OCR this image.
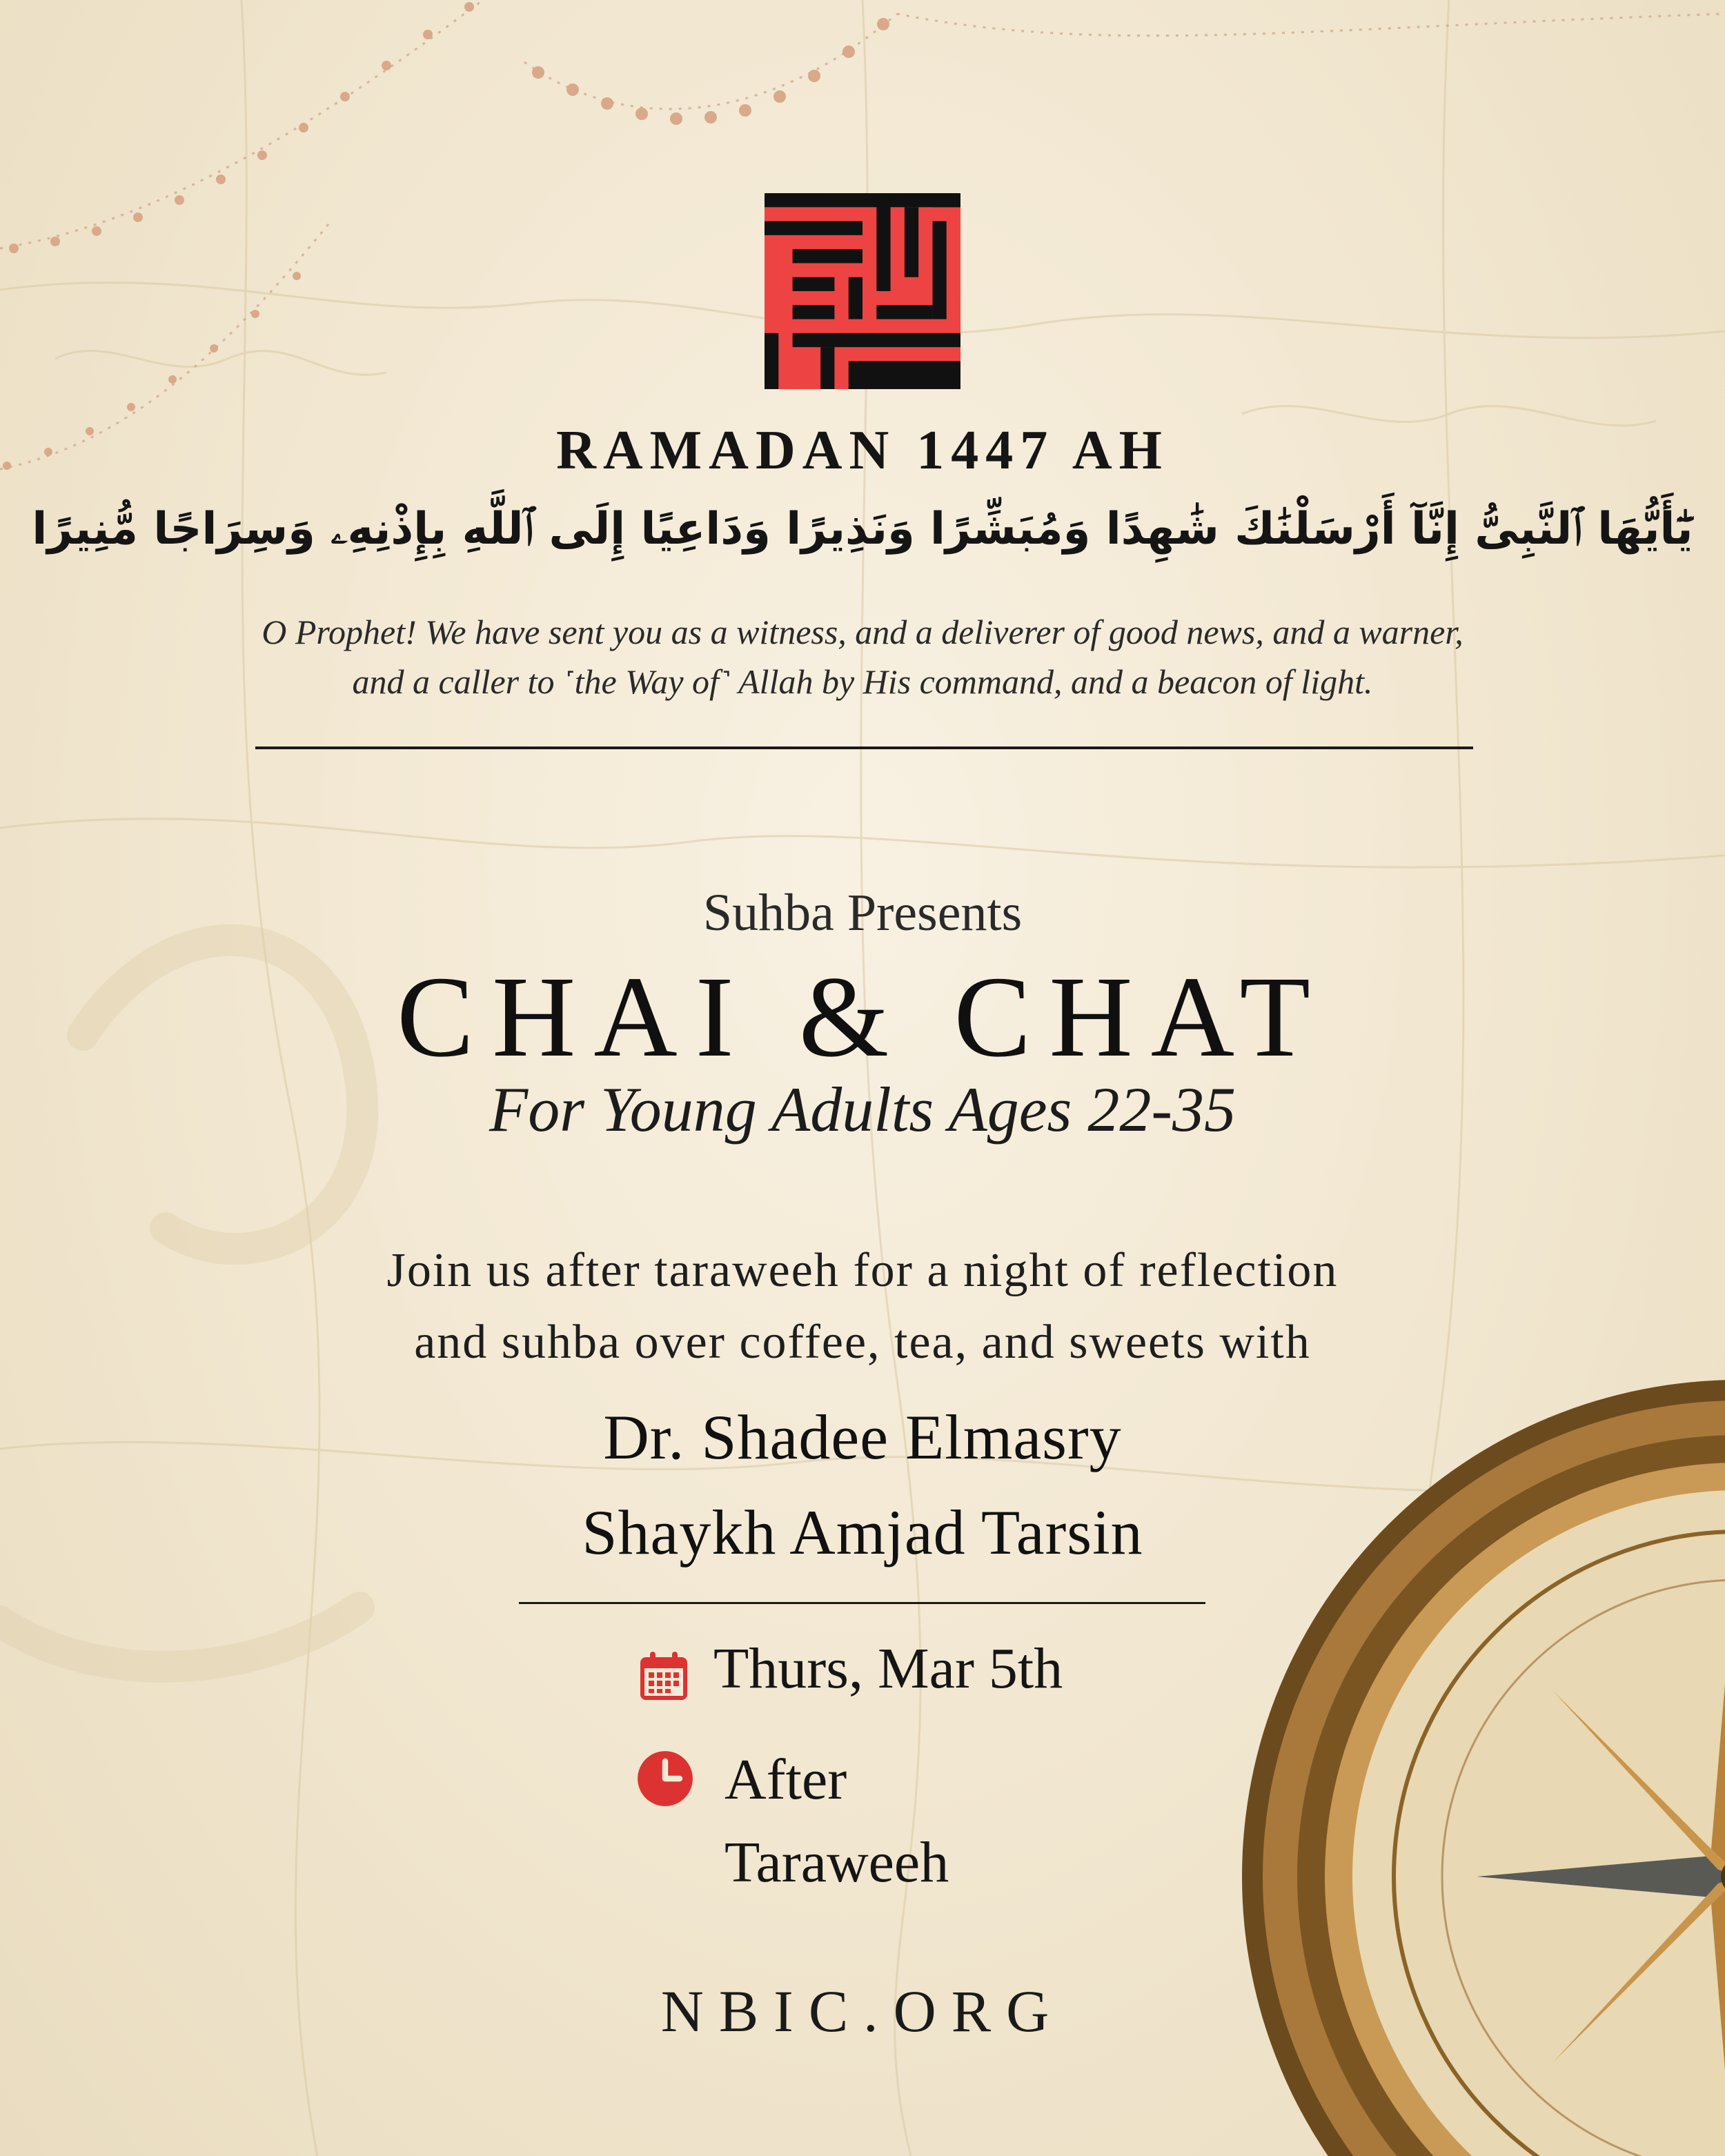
RAMADAN 1447 AH
يَٰٓأَيُّهَا ٱلنَّبِىُّ إِنَّآ أَرْسَلْنَٰكَ شَٰهِدًا وَمُبَشِّرًا وَنَذِيرًا وَدَاعِيًا إِلَى ٱللَّهِ بِإِذْنِهِۦ وَسِرَاجًا مُّنِيرًا
O Prophet! We have sent you as a witness, and a deliverer of good news, and a warner,
and a caller to ˹the Way of˺ Allah by His command, and a beacon of light.
Suhba Presents
CHAI & CHAT
For Young Adults Ages 22-35
Join us after taraweeh for a night of reflection
and suhba over coffee, tea, and sweets with
Dr. Shadee Elmasry
Shaykh Amjad Tarsin
Thurs, Mar 5th
After
Taraweeh
NBIC.ORG
